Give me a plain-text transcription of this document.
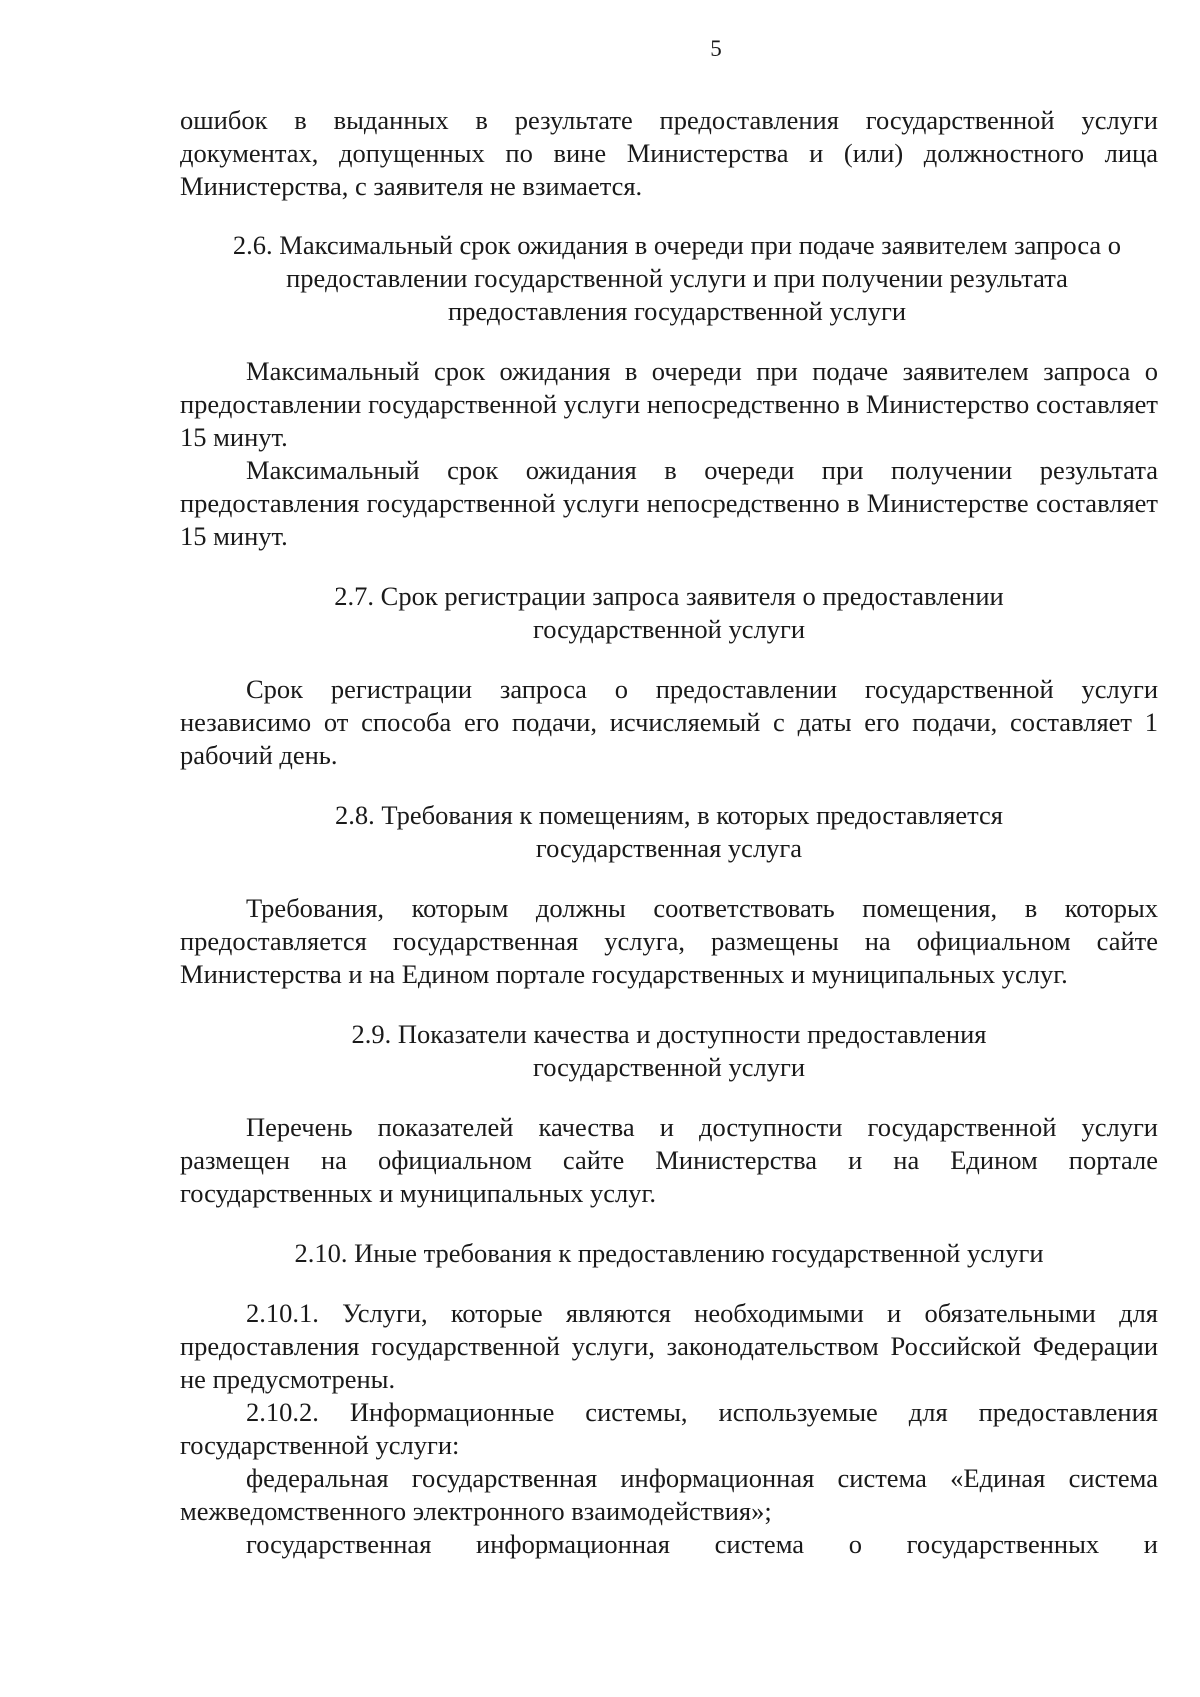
5

ошибок в выданных в результате предоставления государственной услуги документах, допущенных по вине Министерства и (или) должностного лица Министерства, с заявителя не взимается.

2.6. Максимальный срок ожидания в очереди при подаче заявителем запроса о предоставлении государственной услуги и при получении результата предоставления государственной услуги

Максимальный срок ожидания в очереди при подаче заявителем запроса о предоставлении государственной услуги непосредственно в Министерство составляет 15 минут.

Максимальный срок ожидания в очереди при получении результата предоставления государственной услуги непосредственно в Министерстве составляет 15 минут.

2.7. Срок регистрации запроса заявителя о предоставлении

государственной услуги

Срок регистрации запроса о предоставлении государственной услуги независимо от способа его подачи, исчисляемый с даты его подачи, составляет 1 рабочий день.

2.8. Требования к помещениям, в которых предоставляется

государственная услуга

Требования, которым должны соответствовать помещения, в которых предоставляется государственная услуга, размещены на официальном сайте Министерства и на Едином портале государственных и муниципальных услуг.

2.9. Показатели качества и доступности предоставления

государственной услуги

Перечень показателей качества и доступности государственной услуги размещен на официальном сайте Министерства и на Едином портале государственных и муниципальных услуг.

2.10. Иные требования к предоставлению государственной услуги

2.10.1. Услуги, которые являются необходимыми и обязательными для предоставления государственной услуги, законодательством Российской Федерации не предусмотрены.

2.10.2. Информационные системы, используемые для предоставления государственной услуги:

федеральная государственная информационная система «Единая система межведомственного электронного взаимодействия»;

государственная информационная система о государственных и
